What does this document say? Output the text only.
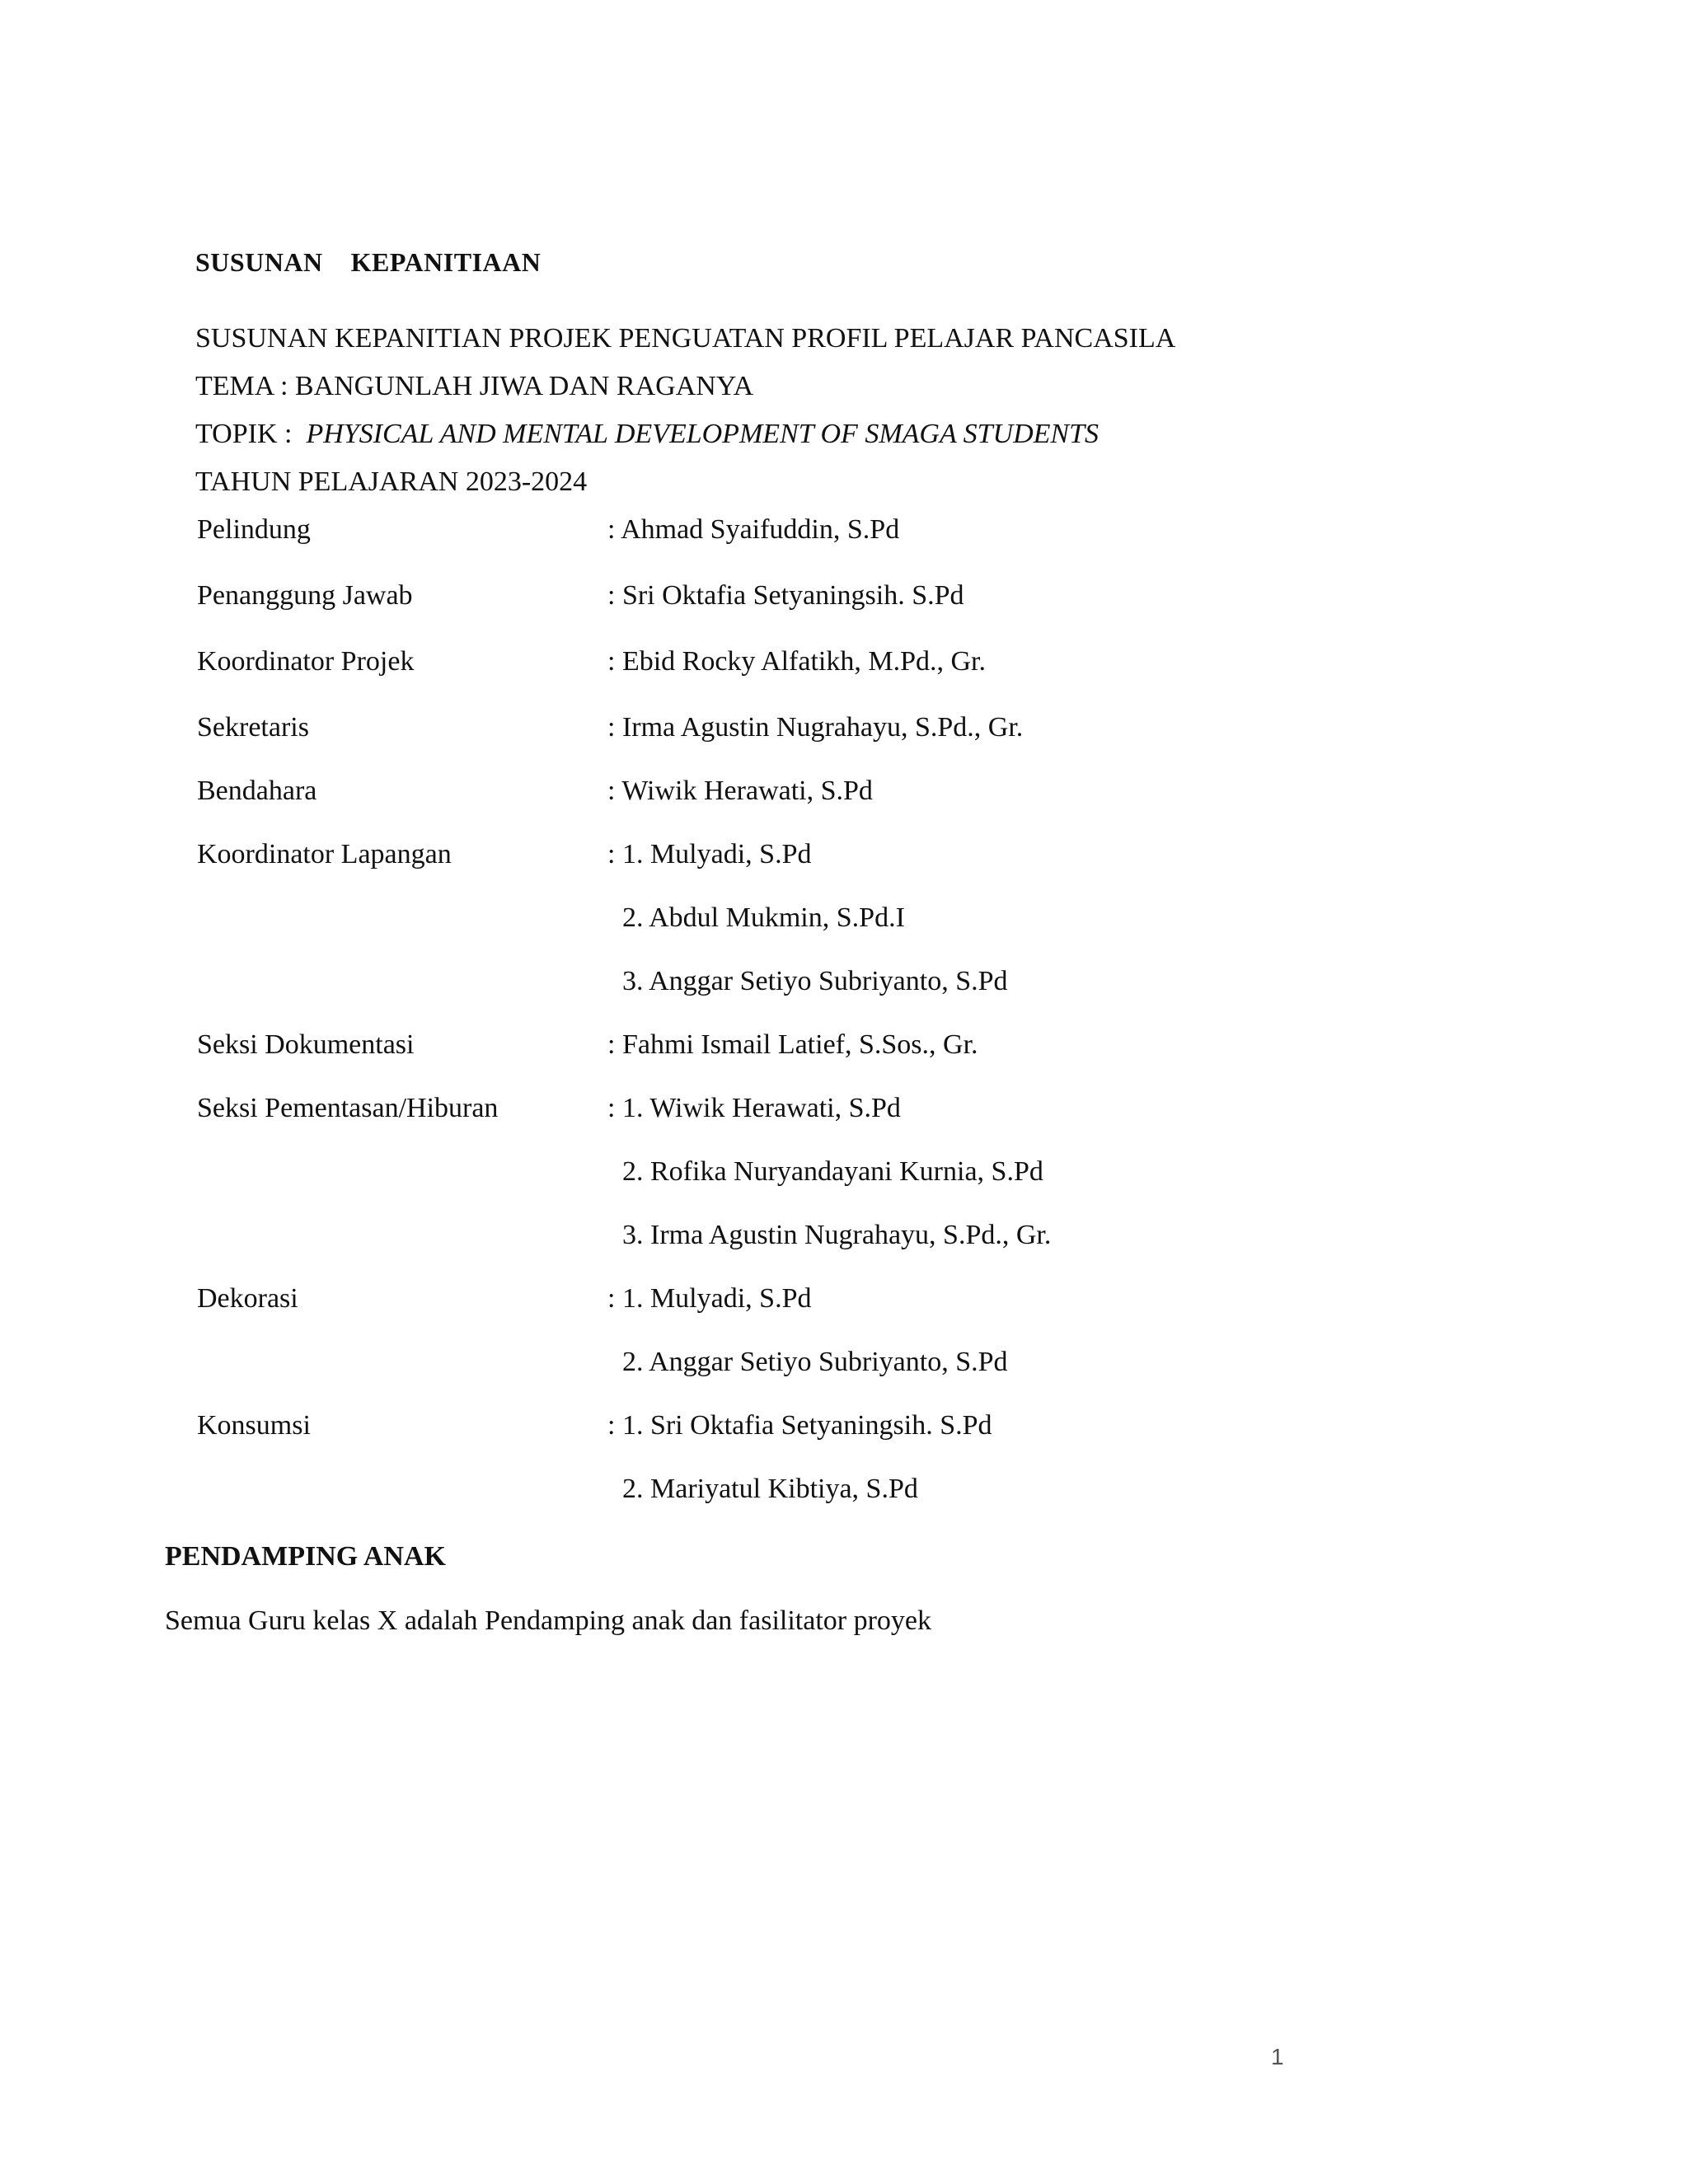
SUSUNAN    KEPANITIAAN

SUSUNAN KEPANITIAN PROJEK PENGUATAN PROFIL PELAJAR PANCASILA

TEMA : BANGUNLAH JIWA DAN RAGANYA

TOPIK :  PHYSICAL AND MENTAL DEVELOPMENT OF SMAGA STUDENTS

TAHUN PELAJARAN 2023-2024

Pelindung	: Ahmad Syaifuddin, S.Pd
Penanggung Jawab	: Sri Oktafia Setyaningsih. S.Pd
Koordinator Projek	: Ebid Rocky Alfatikh, M.Pd., Gr.
Sekretaris	: Irma Agustin Nugrahayu, S.Pd., Gr.
Bendahara	: Wiwik Herawati, S.Pd
Koordinator Lapangan	: 1. Mulyadi, S.Pd
2. Abdul Mukmin, S.Pd.I
3. Anggar Setiyo Subriyanto, S.Pd
Seksi Dokumentasi	: Fahmi Ismail Latief, S.Sos., Gr.
Seksi Pementasan/Hiburan	: 1. Wiwik Herawati, S.Pd
2. Rofika Nuryandayani Kurnia, S.Pd
3. Irma Agustin Nugrahayu, S.Pd., Gr.
Dekorasi	: 1. Mulyadi, S.Pd
2. Anggar Setiyo Subriyanto, S.Pd
Konsumsi	: 1. Sri Oktafia Setyaningsih. S.Pd
2. Mariyatul Kibtiya, S.Pd
PENDAMPING ANAK

Semua Guru kelas X adalah Pendamping anak dan fasilitator proyek

1
